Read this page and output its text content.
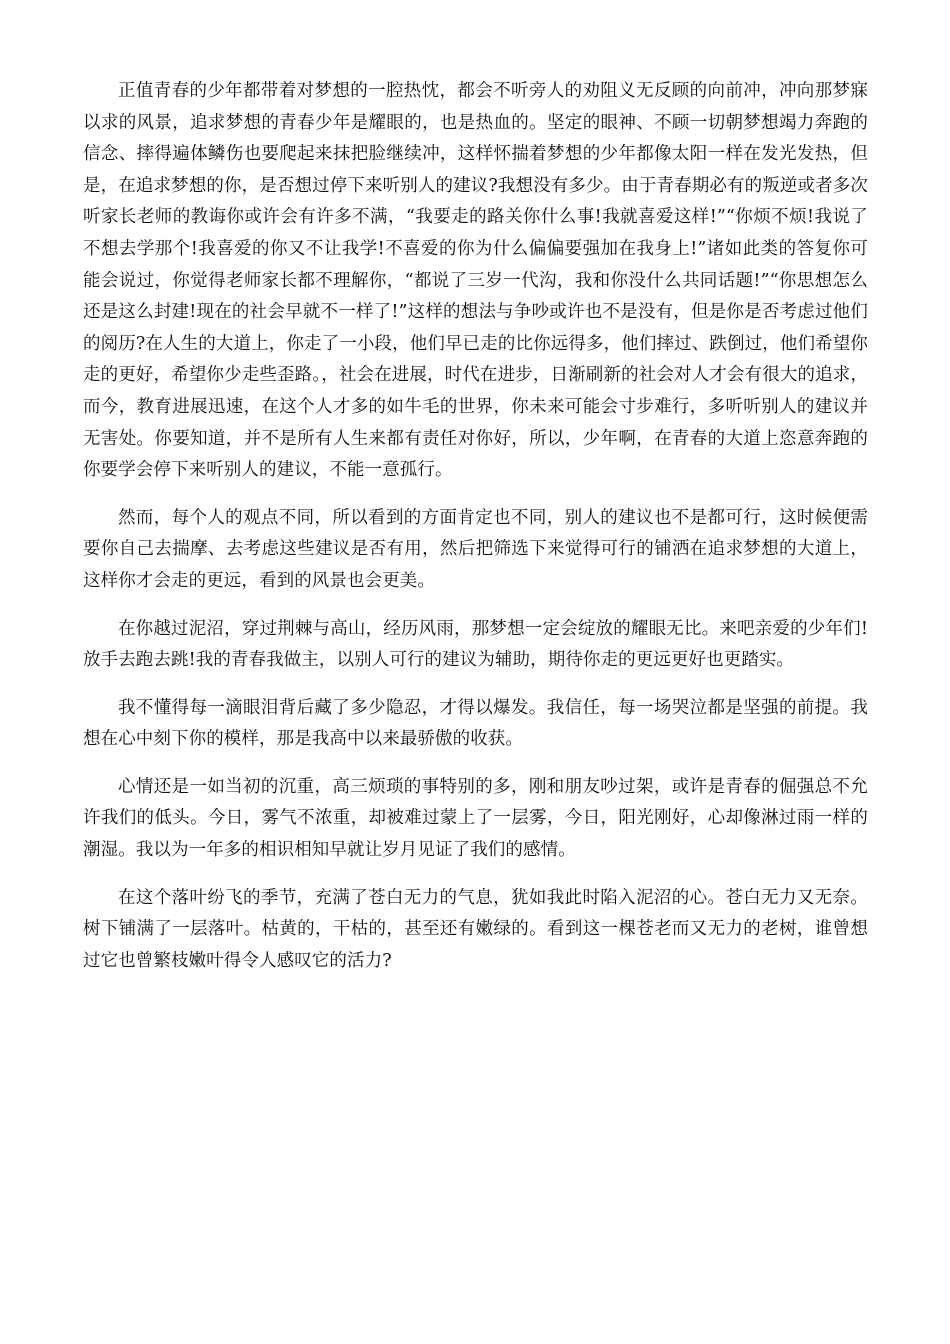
正值青春的少年都带着对梦想的一腔热忱，都会不听旁人的劝阻义无反顾的向前冲，冲向那梦寐以求的风景，追求梦想的青春少年是耀眼的，也是热血的。坚定的眼神、不顾一切朝梦想竭力奔跑的信念、摔得遍体鳞伤也要爬起来抹把脸继续冲，这样怀揣着梦想的少年都像太阳一样在发光发热，但是，在追求梦想的你，是否想过停下来听别人的建议?我想没有多少。由于青春期必有的叛逆或者多次听家长老师的教诲你或许会有许多不满，“我要走的路关你什么事!我就喜爱这样!”“你烦不烦!我说了不想去学那个!我喜爱的你又不让我学!不喜爱的你为什么偏偏要强加在我身上!”诸如此类的答复你可能会说过，你觉得老师家长都不理解你，“都说了三岁一代沟，我和你没什么共同话题!”“你思想怎么还是这么封建!现在的社会早就不一样了!”这样的想法与争吵或许也不是没有，但是你是否考虑过他们的阅历?在人生的大道上，你走了一小段，他们早已走的比你远得多，他们摔过、跌倒过，他们希望你走的更好，希望你少走些歪路。，社会在进展，时代在进步，日渐刷新的社会对人才会有很大的追求，而今，教育进展迅速，在这个人才多的如牛毛的世界，你未来可能会寸步难行，多听听别人的建议并无害处。你要知道，并不是所有人生来都有责任对你好，所以，少年啊，在青春的大道上恣意奔跑的你要学会停下来听别人的建议，不能一意孤行。

然而，每个人的观点不同，所以看到的方面肯定也不同，别人的建议也不是都可行，这时候便需要你自己去揣摩、去考虑这些建议是否有用，然后把筛选下来觉得可行的铺洒在追求梦想的大道上，这样你才会走的更远，看到的风景也会更美。

在你越过泥沼，穿过荆棘与高山，经历风雨，那梦想一定会绽放的耀眼无比。来吧亲爱的少年们!放手去跑去跳!我的青春我做主，以别人可行的建议为辅助，期待你走的更远更好也更踏实。

我不懂得每一滴眼泪背后藏了多少隐忍，才得以爆发。我信任，每一场哭泣都是坚强的前提。我想在心中刻下你的模样，那是我高中以来最骄傲的收获。

心情还是一如当初的沉重，高三烦琐的事特别的多，刚和朋友吵过架，或许是青春的倔强总不允许我们的低头。今日，雾气不浓重，却被难过蒙上了一层雾，今日，阳光刚好，心却像淋过雨一样的潮湿。我以为一年多的相识相知早就让岁月见证了我们的感情。

在这个落叶纷飞的季节，充满了苍白无力的气息，犹如我此时陷入泥沼的心。苍白无力又无奈。树下铺满了一层落叶。枯黄的，干枯的，甚至还有嫩绿的。看到这一棵苍老而又无力的老树，谁曾想过它也曾繁枝嫩叶得令人感叹它的活力?
